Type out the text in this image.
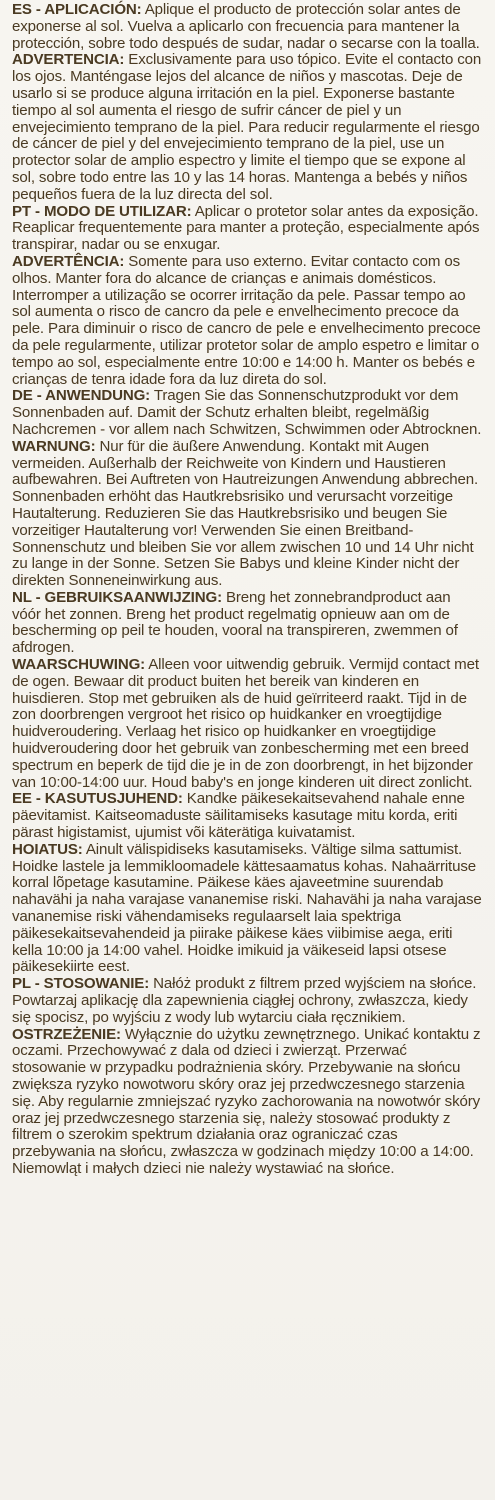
ES - APLICACIÓN: Aplique el producto de protección solar antes de exponerse al sol. Vuelva a aplicarlo con frecuencia para mantener la protección, sobre todo después de sudar, nadar o secarse con la toalla.

ADVERTENCIA: Exclusivamente para uso tópico. Evite el contacto con los ojos. Manténgase lejos del alcance de niños y mascotas. Deje de usarlo si se produce alguna irritación en la piel. Exponerse bastante tiempo al sol aumenta el riesgo de sufrir cáncer de piel y un envejecimiento temprano de la piel. Para reducir regularmente el riesgo de cáncer de piel y del envejecimiento temprano de la piel, use un protector solar de amplio espectro y limite el tiempo que se expone al sol, sobre todo entre las 10 y las 14 horas. Mantenga a bebés y niños pequeños fuera de la luz directa del sol.

PT - MODO DE UTILIZAR: Aplicar o protetor solar antes da exposição. Reaplicar frequentemente para manter a proteção, especialmente após transpirar, nadar ou se enxugar.

ADVERTÊNCIA: Somente para uso externo. Evitar contacto com os olhos. Manter fora do alcance de crianças e animais domésticos. Interromper a utilização se ocorrer irritação da pele. Passar tempo ao sol aumenta o risco de cancro da pele e envelhecimento precoce da pele. Para diminuir o risco de cancro de pele e envelhecimento precoce da pele regularmente, utilizar protetor solar de amplo espetro e limitar o tempo ao sol, especialmente entre 10:00 e 14:00 h. Manter os bebés e crianças de tenra idade fora da luz direta do sol.

DE - ANWENDUNG: Tragen Sie das Sonnenschutzprodukt vor dem Sonnenbaden auf. Damit der Schutz erhalten bleibt, regelmäßig Nachcremen - vor allem nach Schwitzen, Schwimmen oder Abtrocknen.

WARNUNG: Nur für die äußere Anwendung. Kontakt mit Augen vermeiden. Außerhalb der Reichweite von Kindern und Haustieren aufbewahren. Bei Auftreten von Hautreizungen Anwendung abbrechen. Sonnenbaden erhöht das Hautkrebsrisiko und verursacht vorzeitige Hautalterung. Reduzieren Sie das Hautkrebsrisiko und beugen Sie vorzeitiger Hautalterung vor! Verwenden Sie einen Breitband-Sonnenschutz und bleiben Sie vor allem zwischen 10 und 14 Uhr nicht zu lange in der Sonne. Setzen Sie Babys und kleine Kinder nicht der direkten Sonneneinwirkung aus.

NL - GEBRUIKSAANWIJZING: Breng het zonnebrandproduct aan vóór het zonnen. Breng het product regelmatig opnieuw aan om de bescherming op peil te houden, vooral na transpireren, zwemmen of afdrogen.

WAARSCHUWING: Alleen voor uitwendig gebruik. Vermijd contact met de ogen. Bewaar dit product buiten het bereik van kinderen en huisdieren. Stop met gebruiken als de huid geïrriteerd raakt. Tijd in de zon doorbrengen vergroot het risico op huidkanker en vroegtijdige huidveroudering. Verlaag het risico op huidkanker en vroegtijdige huidveroudering door het gebruik van zonbescherming met een breed spectrum en beperk de tijd die je in de zon doorbrengt, in het bijzonder van 10:00-14:00 uur. Houd baby's en jonge kinderen uit direct zonlicht.

EE - KASUTUSJUHEND: Kandke päikesekaitsevahend nahale enne päevitamist. Kaitseomaduste säilitamiseks kasutage mitu korda, eriti pärast higistamist, ujumist või käterätiga kuivatamist.

HOIATUS: Ainult välispidiseks kasutamiseks. Vältige silma sattumist. Hoidke lastele ja lemmikloomadele kättesaamatus kohas. Nahaärrituse korral lõpetage kasutamine. Päikese käes ajaveetmine suurendab nahavähi ja naha varajase vananemise riski. Nahavähi ja naha varajase vananemise riski vähendamiseks regulaarselt laia spektriga päikesekaitsevahendeid ja piirake päikese käes viibimise aega, eriti kella 10:00 ja 14:00 vahel. Hoidke imikuid ja väikeseid lapsi otsese päikesekiirte eest.

PL - STOSOWANIE: Nałóż produkt z filtrem przed wyjściem na słońce. Powtarzaj aplikację dla zapewnienia ciągłej ochrony, zwłaszcza, kiedy się spocisz, po wyjściu z wody lub wytarciu ciała ręcznikiem.

OSTRZEŻENIE: Wyłącznie do użytku zewnętrznego. Unikać kontaktu z oczami. Przechowywać z dala od dzieci i zwierząt. Przerwać stosowanie w przypadku podrażnienia skóry. Przebywanie na słońcu zwiększa ryzyko nowotworu skóry oraz jej przedwczesnego starzenia się. Aby regularnie zmniejszać ryzyko zachorowania na nowotwór skóry oraz jej przedwczesnego starzenia się, należy stosować produkty z filtrem o szerokim spektrum działania oraz ograniczać czas przebywania na słońcu, zwłaszcza w godzinach między 10:00 a 14:00. Niemowląt i małych dzieci nie należy wystawiać na słońce.
